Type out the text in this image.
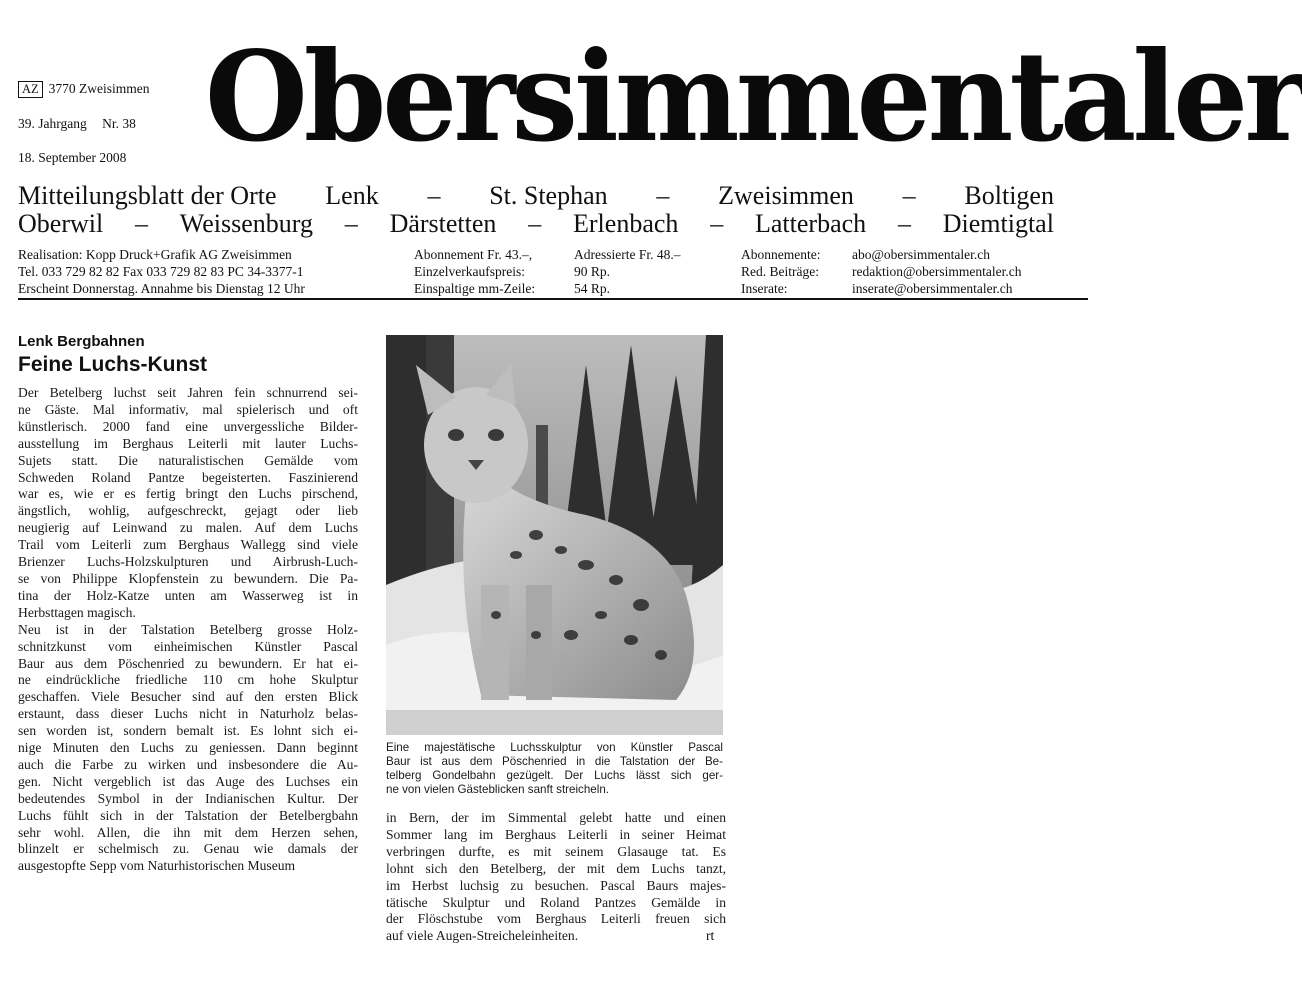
AZ 3770 Zweisimmen
39. Jahrgang Nr. 38
18. September 2008 Obersimmentaler
Mitteilungsblatt der Orte Lenk – St. Stephan – Zweisimmen – Boltigen
Oberwil – Weissenburg – Därstetten – Erlenbach – Latterbach – Diemtigtal
Realisation: Kopp Druck+Grafik AG Zweisimmen
Tel. 033 729 82 82 Fax 033 729 82 83 PC 34-3377-1
Erscheint Donnerstag. Annahme bis Dienstag 12 Uhr
Abonnement Fr. 43.–,
Einzelverkaufspreis:
Einspaltige mm-Zeile:
Adressierte Fr. 48.–
90 Rp.
54 Rp.
Abonnemente:
Red. Beiträge:
Inserate:
abo@obersimmentaler.ch
redaktion@obersimmentaler.ch
inserate@obersimmentaler.ch
Lenk Bergbahnen
Feine Luchs-Kunst
Der Betelberg luchst seit Jahren fein schnurrend sei-
ne Gäste. Mal informativ, mal spielerisch und oft
künstlerisch. 2000 fand eine unvergessliche Bilder-
ausstellung im Berghaus Leiterli mit lauter Luchs-
Sujets statt. Die naturalistischen Gemälde vom
Schweden Roland Pantze begeisterten. Faszinierend
war es, wie er es fertig bringt den Luchs pirschend,
ängstlich, wohlig, aufgeschreckt, gejagt oder lieb
neugierig auf Leinwand zu malen. Auf dem Luchs
Trail vom Leiterli zum Berghaus Wallegg sind viele
Brienzer Luchs-Holzskulpturen und Airbrush-Luch-
se von Philippe Klopfenstein zu bewundern. Die Pa-
tina der Holz-Katze unten am Wasserweg ist in
Herbsttagen magisch.
Neu ist in der Talstation Betelberg grosse Holz-
schnitzkunst vom einheimischen Künstler Pascal
Baur aus dem Pöschenried zu bewundern. Er hat ei-
ne eindrückliche friedliche 110 cm hohe Skulptur
geschaffen. Viele Besucher sind auf den ersten Blick
erstaunt, dass dieser Luchs nicht in Naturholz belas-
sen worden ist, sondern bemalt ist. Es lohnt sich ei-
nige Minuten den Luchs zu geniessen. Dann beginnt
auch die Farbe zu wirken und insbesondere die Au-
gen. Nicht vergeblich ist das Auge des Luchses ein
bedeutendes Symbol in der Indianischen Kultur. Der
Luchs fühlt sich in der Talstation der Betelbergbahn
sehr wohl. Allen, die ihn mit dem Herzen sehen,
blinzelt er schelmisch zu. Genau wie damals der
ausgestopfte Sepp vom Naturhistorischen Museum
Eine majestätische Luchsskulptur von Künstler Pascal
Baur ist aus dem Pöschenried in die Talstation der Be-
telberg Gondelbahn gezügelt. Der Luchs lässt sich ger-
ne von vielen Gästeblicken sanft streicheln.
in Bern, der im Simmental gelebt hatte und einen
Sommer lang im Berghaus Leiterli in seiner Heimat
verbringen durfte, es mit seinem Glasauge tat. Es
lohnt sich den Betelberg, der mit dem Luchs tanzt,
im Herbst luchsig zu besuchen. Pascal Baurs majes-
tätische Skulptur und Roland Pantzes Gemälde in
der Flöschstube vom Berghaus Leiterli freuen sich
auf viele Augen-Streicheleinheiten.	rt
